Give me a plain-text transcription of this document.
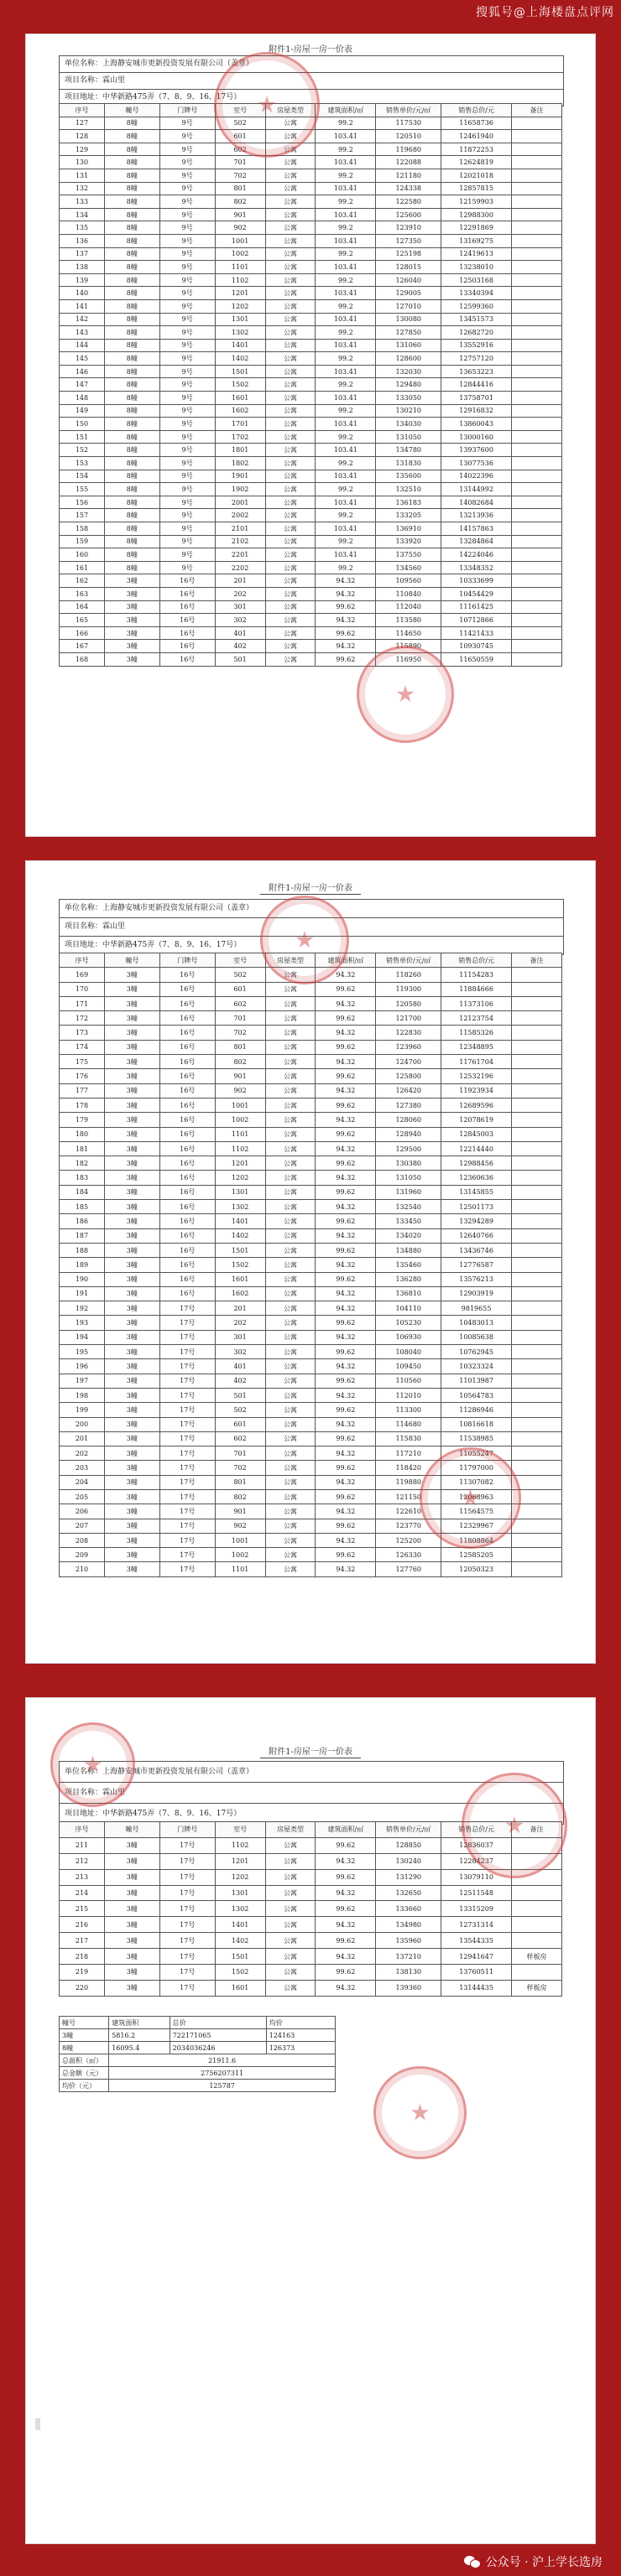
搜狐号@上海楼盘点评网
附件1-房屋一房一价表
单位名称：上海静安城市更新投资发展有限公司（盖章）
项目名称：霖山里
项目地址：中华新路475弄（7、8、9、16、17号）
序号	幢号	门牌号	室号	房屋类型	建筑面积/㎡	销售单价/元/㎡	销售总价/元	备注
127	8幢	9号	502	公寓	99.2	117530	11658736	
128	8幢	9号	601	公寓	103.41	120510	12461940	
129	8幢	9号	602	公寓	99.2	119680	11872253	
130	8幢	9号	701	公寓	103.41	122088	12624819	
131	8幢	9号	702	公寓	99.2	121180	12021018	
132	8幢	9号	801	公寓	103.41	124338	12857815	
133	8幢	9号	802	公寓	99.2	122580	12159903	
134	8幢	9号	901	公寓	103.41	125600	12988300	
135	8幢	9号	902	公寓	99.2	123910	12291869	
136	8幢	9号	1001	公寓	103.41	127350	13169275	
137	8幢	9号	1002	公寓	99.2	125198	12419613	
138	8幢	9号	1101	公寓	103.41	128015	13238010	
139	8幢	9号	1102	公寓	99.2	126040	12503168	
140	8幢	9号	1201	公寓	103.41	129005	13340394	
141	8幢	9号	1202	公寓	99.2	127010	12599360	
142	8幢	9号	1301	公寓	103.41	130080	13451573	
143	8幢	9号	1302	公寓	99.2	127850	12682720	
144	8幢	9号	1401	公寓	103.41	131060	13552916	
145	8幢	9号	1402	公寓	99.2	128600	12757120	
146	8幢	9号	1501	公寓	103.41	132030	13653223	
147	8幢	9号	1502	公寓	99.2	129480	12844416	
148	8幢	9号	1601	公寓	103.41	133050	13758701	
149	8幢	9号	1602	公寓	99.2	130210	12916832	
150	8幢	9号	1701	公寓	103.41	134030	13860043	
151	8幢	9号	1702	公寓	99.2	131050	13000160	
152	8幢	9号	1801	公寓	103.41	134780	13937600	
153	8幢	9号	1802	公寓	99.2	131830	13077536	
154	8幢	9号	1901	公寓	103.41	135600	14022396	
155	8幢	9号	1902	公寓	99.2	132510	13144992	
156	8幢	9号	2001	公寓	103.41	136183	14082684	
157	8幢	9号	2002	公寓	99.2	133205	13213936	
158	8幢	9号	2101	公寓	103.41	136910	14157863	
159	8幢	9号	2102	公寓	99.2	133920	13284864	
160	8幢	9号	2201	公寓	103.41	137550	14224046	
161	8幢	9号	2202	公寓	99.2	134560	13348352	
162	3幢	16号	201	公寓	94.32	109560	10333699	
163	3幢	16号	202	公寓	94.32	110840	10454429	
164	3幢	16号	301	公寓	99.62	112040	11161425	
165	3幢	16号	302	公寓	94.32	113580	10712866	
166	3幢	16号	401	公寓	99.62	114650	11421433	
167	3幢	16号	402	公寓	94.32	115890	10930745	
168	3幢	16号	501	公寓	99.62	116950	11650559	
附件1-房屋一房一价表
单位名称：上海静安城市更新投资发展有限公司（盖章）
项目名称：霖山里
项目地址：中华新路475弄（7、8、9、16、17号）
序号	幢号	门牌号	室号	房屋类型	建筑面积/㎡	销售单价/元/㎡	销售总价/元	备注
169	3幢	16号	502	公寓	94.32	118260	11154283	
170	3幢	16号	601	公寓	99.62	119300	11884666	
171	3幢	16号	602	公寓	94.32	120580	11373106	
172	3幢	16号	701	公寓	99.62	121700	12123754	
173	3幢	16号	702	公寓	94.32	122830	11585326	
174	3幢	16号	801	公寓	99.62	123960	12348895	
175	3幢	16号	802	公寓	94.32	124700	11761704	
176	3幢	16号	901	公寓	99.62	125800	12532196	
177	3幢	16号	902	公寓	94.32	126420	11923934	
178	3幢	16号	1001	公寓	99.62	127380	12689596	
179	3幢	16号	1002	公寓	94.32	128060	12078619	
180	3幢	16号	1101	公寓	99.62	128940	12845003	
181	3幢	16号	1102	公寓	94.32	129500	12214440	
182	3幢	16号	1201	公寓	99.62	130380	12988456	
183	3幢	16号	1202	公寓	94.32	131050	12360636	
184	3幢	16号	1301	公寓	99.62	131960	13145855	
185	3幢	16号	1302	公寓	94.32	132540	12501173	
186	3幢	16号	1401	公寓	99.62	133450	13294289	
187	3幢	16号	1402	公寓	94.32	134020	12640766	
188	3幢	16号	1501	公寓	99.62	134880	13436746	
189	3幢	16号	1502	公寓	94.32	135460	12776587	
190	3幢	16号	1601	公寓	99.62	136280	13576213	
191	3幢	16号	1602	公寓	94.32	136810	12903919	
192	3幢	17号	201	公寓	94.32	104110	9819655	
193	3幢	17号	202	公寓	99.62	105230	10483013	
194	3幢	17号	301	公寓	94.32	106930	10085638	
195	3幢	17号	302	公寓	99.62	108040	10762945	
196	3幢	17号	401	公寓	94.32	109450	10323324	
197	3幢	17号	402	公寓	99.62	110560	11013987	
198	3幢	17号	501	公寓	94.32	112010	10564783	
199	3幢	17号	502	公寓	99.62	113300	11286946	
200	3幢	17号	601	公寓	94.32	114680	10816618	
201	3幢	17号	602	公寓	99.62	115830	11538985	
202	3幢	17号	701	公寓	94.32	117210	11055247	
203	3幢	17号	702	公寓	99.62	118420	11797000	
204	3幢	17号	801	公寓	94.32	119880	11307082	
205	3幢	17号	802	公寓	99.62	121150	12068963	
206	3幢	17号	901	公寓	94.32	122610	11564575	
207	3幢	17号	902	公寓	99.62	123770	12329967	
208	3幢	17号	1001	公寓	94.32	125200	11808864	
209	3幢	17号	1002	公寓	99.62	126330	12585205	
210	3幢	17号	1101	公寓	94.32	127760	12050323	
附件1-房屋一房一价表
单位名称：上海静安城市更新投资发展有限公司（盖章）
项目名称：霖山里
项目地址：中华新路475弄（7、8、9、16、17号）
序号	幢号	门牌号	室号	房屋类型	建筑面积/㎡	销售单价/元/㎡	销售总价/元	备注
211	3幢	17号	1102	公寓	99.62	128850	12836037	
212	3幢	17号	1201	公寓	94.32	130240	12284237	
213	3幢	17号	1202	公寓	99.62	131290	13079110	
214	3幢	17号	1301	公寓	94.32	132650	12511548	
215	3幢	17号	1302	公寓	99.62	133660	13315209	
216	3幢	17号	1401	公寓	94.32	134980	12731314	
217	3幢	17号	1402	公寓	99.62	135960	13544335	
218	3幢	17号	1501	公寓	94.32	137210	12941647	样板房
219	3幢	17号	1502	公寓	99.62	138130	13760511	
220	3幢	17号	1601	公寓	94.32	139360	13144435	样板房
幢号	建筑面积	总价	均价
3幢	5816.2	722171065	124163
8幢	16095.4	2034036246	126373
总面积（㎡）	21911.6		
总金额（元）	2756207311		
均价（元）	125787		
公众号 · 沪上学长选房
